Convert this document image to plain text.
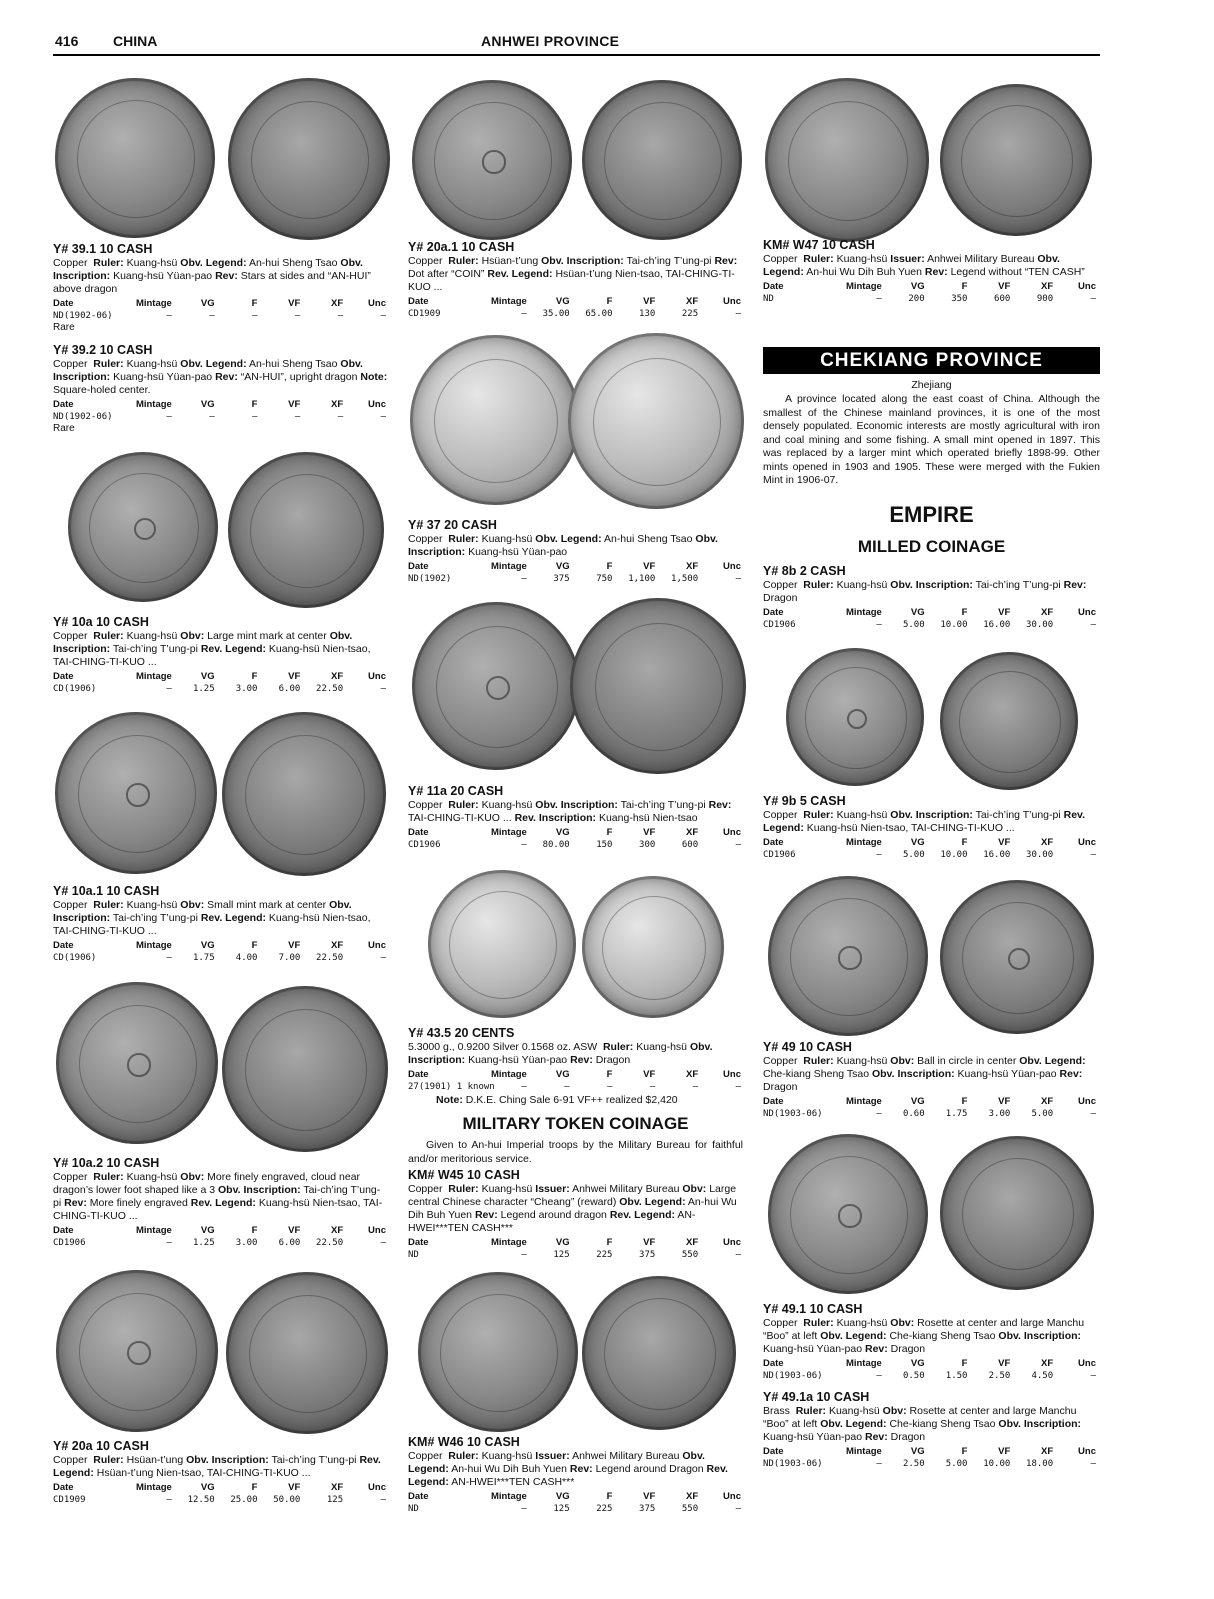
416 CHINA	ANHWEI PROVINCE
Y# 39.1 10 CASH

Copper Ruler: Kuang-hsü Obv. Legend: An-hui Sheng Tsao Obv. Inscription: Kuang-hsü Yüan-pao Rev: Stars at sides and “AN-HUI” above dragon

Date	Mintage	VG	F	VF	XF	Unc
ND(1902-06)	—	—	—	—	—	—
Rare
Y# 39.2 10 CASH

Copper Ruler: Kuang-hsü Obv. Legend: An-hui Sheng Tsao Obv. Inscription: Kuang-hsü Yüan-pao Rev: “AN-HUI”, upright dragon Note: Square-holed center.

Date	Mintage	VG	F	VF	XF	Unc
ND(1902-06)	—	—	—	—	—	—
Rare
Y# 10a 10 CASH

Copper Ruler: Kuang-hsü Obv: Large mint mark at center Obv. Inscription: Tai-ch’ing T’ung-pi Rev. Legend: Kuang-hsü Nien-tsao, TAI-CHING-TI-KUO ...

Date	Mintage	VG	F	VF	XF	Unc
CD(1906)	—	1.25	3.00	6.00	22.50	—
Y# 10a.1 10 CASH

Copper Ruler: Kuang-hsü Obv: Small mint mark at center Obv. Inscription: Tai-ch’ing T’ung-pi Rev. Legend: Kuang-hsü Nien-tsao, TAI-CHING-TI-KUO ...

Date	Mintage	VG	F	VF	XF	Unc
CD(1906)	—	1.75	4.00	7.00	22.50	—
Y# 10a.2 10 CASH

Copper Ruler: Kuang-hsü Obv: More finely engraved, cloud near dragon’s lower foot shaped like a 3 Obv. Inscription: Tai-ch’ing T’ung-pi Rev: More finely engraved Rev. Legend: Kuang-hsü Nien-tsao, TAI-CHING-TI-KUO ...

Date	Mintage	VG	F	VF	XF	Unc
CD1906	—	1.25	3.00	6.00	22.50	—
Y# 20a 10 CASH

Copper Ruler: Hsüan-t’ung Obv. Inscription: Tai-ch’ing T’ung-pi Rev. Legend: Hsüan-t’ung Nien-tsao, TAI-CHING-TI-KUO ...

Date	Mintage	VG	F	VF	XF	Unc
CD1909	—	12.50	25.00	50.00	125	—
Y# 20a.1 10 CASH

Copper Ruler: Hsüan-t’ung Obv. Inscription: Tai-ch’ing T’ung-pi Rev: Dot after “COIN” Rev. Legend: Hsüan-t’ung Nien-tsao, TAI-CHING-TI-KUO ...

Date	Mintage	VG	F	VF	XF	Unc
CD1909	—	35.00	65.00	130	225	—
Y# 37 20 CASH

Copper Ruler: Kuang-hsü Obv. Legend: An-hui Sheng Tsao Obv. Inscription: Kuang-hsü Yüan-pao

Date	Mintage	VG	F	VF	XF	Unc
ND(1902)	—	375	750	1,100	1,500	—
Y# 11a 20 CASH

Copper Ruler: Kuang-hsü Obv. Inscription: Tai-ch’ing T’ung-pi Rev: TAI-CHING-TI-KUO ... Rev. Inscription: Kuang-hsü Nien-tsao

Date	Mintage	VG	F	VF	XF	Unc
CD1906	—	80.00	150	300	600	—
Y# 43.5 20 CENTS

5.3000 g., 0.9200 Silver 0.1568 oz. ASW Ruler: Kuang-hsü Obv. Inscription: Kuang-hsü Yüan-pao Rev: Dragon

Date	Mintage	VG	F	VF	XF	Unc
27(1901) 1 known	—	—	—	—	—	—
Note: D.K.E. Ching Sale 6-91 VF++ realized $2,420
MILITARY TOKEN COINAGE
Given to An-hui Imperial troops by the Military Bureau for faithful and/or meritorious service.
KM# W45 10 CASH

Copper Ruler: Kuang-hsü Issuer: Anhwei Military Bureau Obv: Large central Chinese character “Cheang” (reward) Obv. Legend: An-hui Wu Dih Buh Yuen Rev: Legend around dragon Rev. Legend: AN-HWEI***TEN CASH***

Date	Mintage	VG	F	VF	XF	Unc
ND	—	125	225	375	550	—
KM# W46 10 CASH

Copper Ruler: Kuang-hsü Issuer: Anhwei Military Bureau Obv. Legend: An-hui Wu Dih Buh Yuen Rev: Legend around Dragon Rev. Legend: AN-HWEI***TEN CASH***

Date	Mintage	VG	F	VF	XF	Unc
ND	—	125	225	375	550	—
KM# W47 10 CASH

Copper Ruler: Kuang-hsü Issuer: Anhwei Military Bureau Obv. Legend: An-hui Wu Dih Buh Yuen Rev: Legend without “TEN CASH”

Date	Mintage	VG	F	VF	XF	Unc
ND	—	200	350	600	900	—
CHEKIANG PROVINCE
Zhejiang
A province located along the east coast of China. Although the smallest of the Chinese mainland provinces, it is one of the most densely populated. Economic interests are mostly agricultural with iron and coal mining and some fishing. A small mint opened in 1897. This was replaced by a larger mint which operated briefly 1898-99. Other mints opened in 1903 and 1905. These were merged with the Fukien Mint in 1906-07.
EMPIRE
MILLED COINAGE
Y# 8b 2 CASH

Copper Ruler: Kuang-hsü Obv. Inscription: Tai-ch’ing T’ung-pi Rev: Dragon

Date	Mintage	VG	F	VF	XF	Unc
CD1906	—	5.00	10.00	16.00	30.00	—
Y# 9b 5 CASH

Copper Ruler: Kuang-hsü Obv. Inscription: Tai-ch’ing T’ung-pi Rev. Legend: Kuang-hsü Nien-tsao, TAI-CHING-TI-KUO ...

Date	Mintage	VG	F	VF	XF	Unc
CD1906	—	5.00	10.00	16.00	30.00	—
Y# 49 10 CASH

Copper Ruler: Kuang-hsü Obv: Ball in circle in center Obv. Legend: Che-kiang Sheng Tsao Obv. Inscription: Kuang-hsü Yüan-pao Rev: Dragon

Date	Mintage	VG	F	VF	XF	Unc
ND(1903-06)	—	0.60	1.75	3.00	5.00	—
Y# 49.1 10 CASH

Copper Ruler: Kuang-hsü Obv: Rosette at center and large Manchu “Boo” at left Obv. Legend: Che-kiang Sheng Tsao Obv. Inscription: Kuang-hsü Yüan-pao Rev: Dragon

Date	Mintage	VG	F	VF	XF	Unc
ND(1903-06)	—	0.50	1.50	2.50	4.50	—
Y# 49.1a 10 CASH

Brass Ruler: Kuang-hsü Obv: Rosette at center and large Manchu “Boo” at left Obv. Legend: Che-kiang Sheng Tsao Obv. Inscription: Kuang-hsü Yüan-pao Rev: Dragon

Date	Mintage	VG	F	VF	XF	Unc
ND(1903-06)	—	2.50	5.00	10.00	18.00	—
